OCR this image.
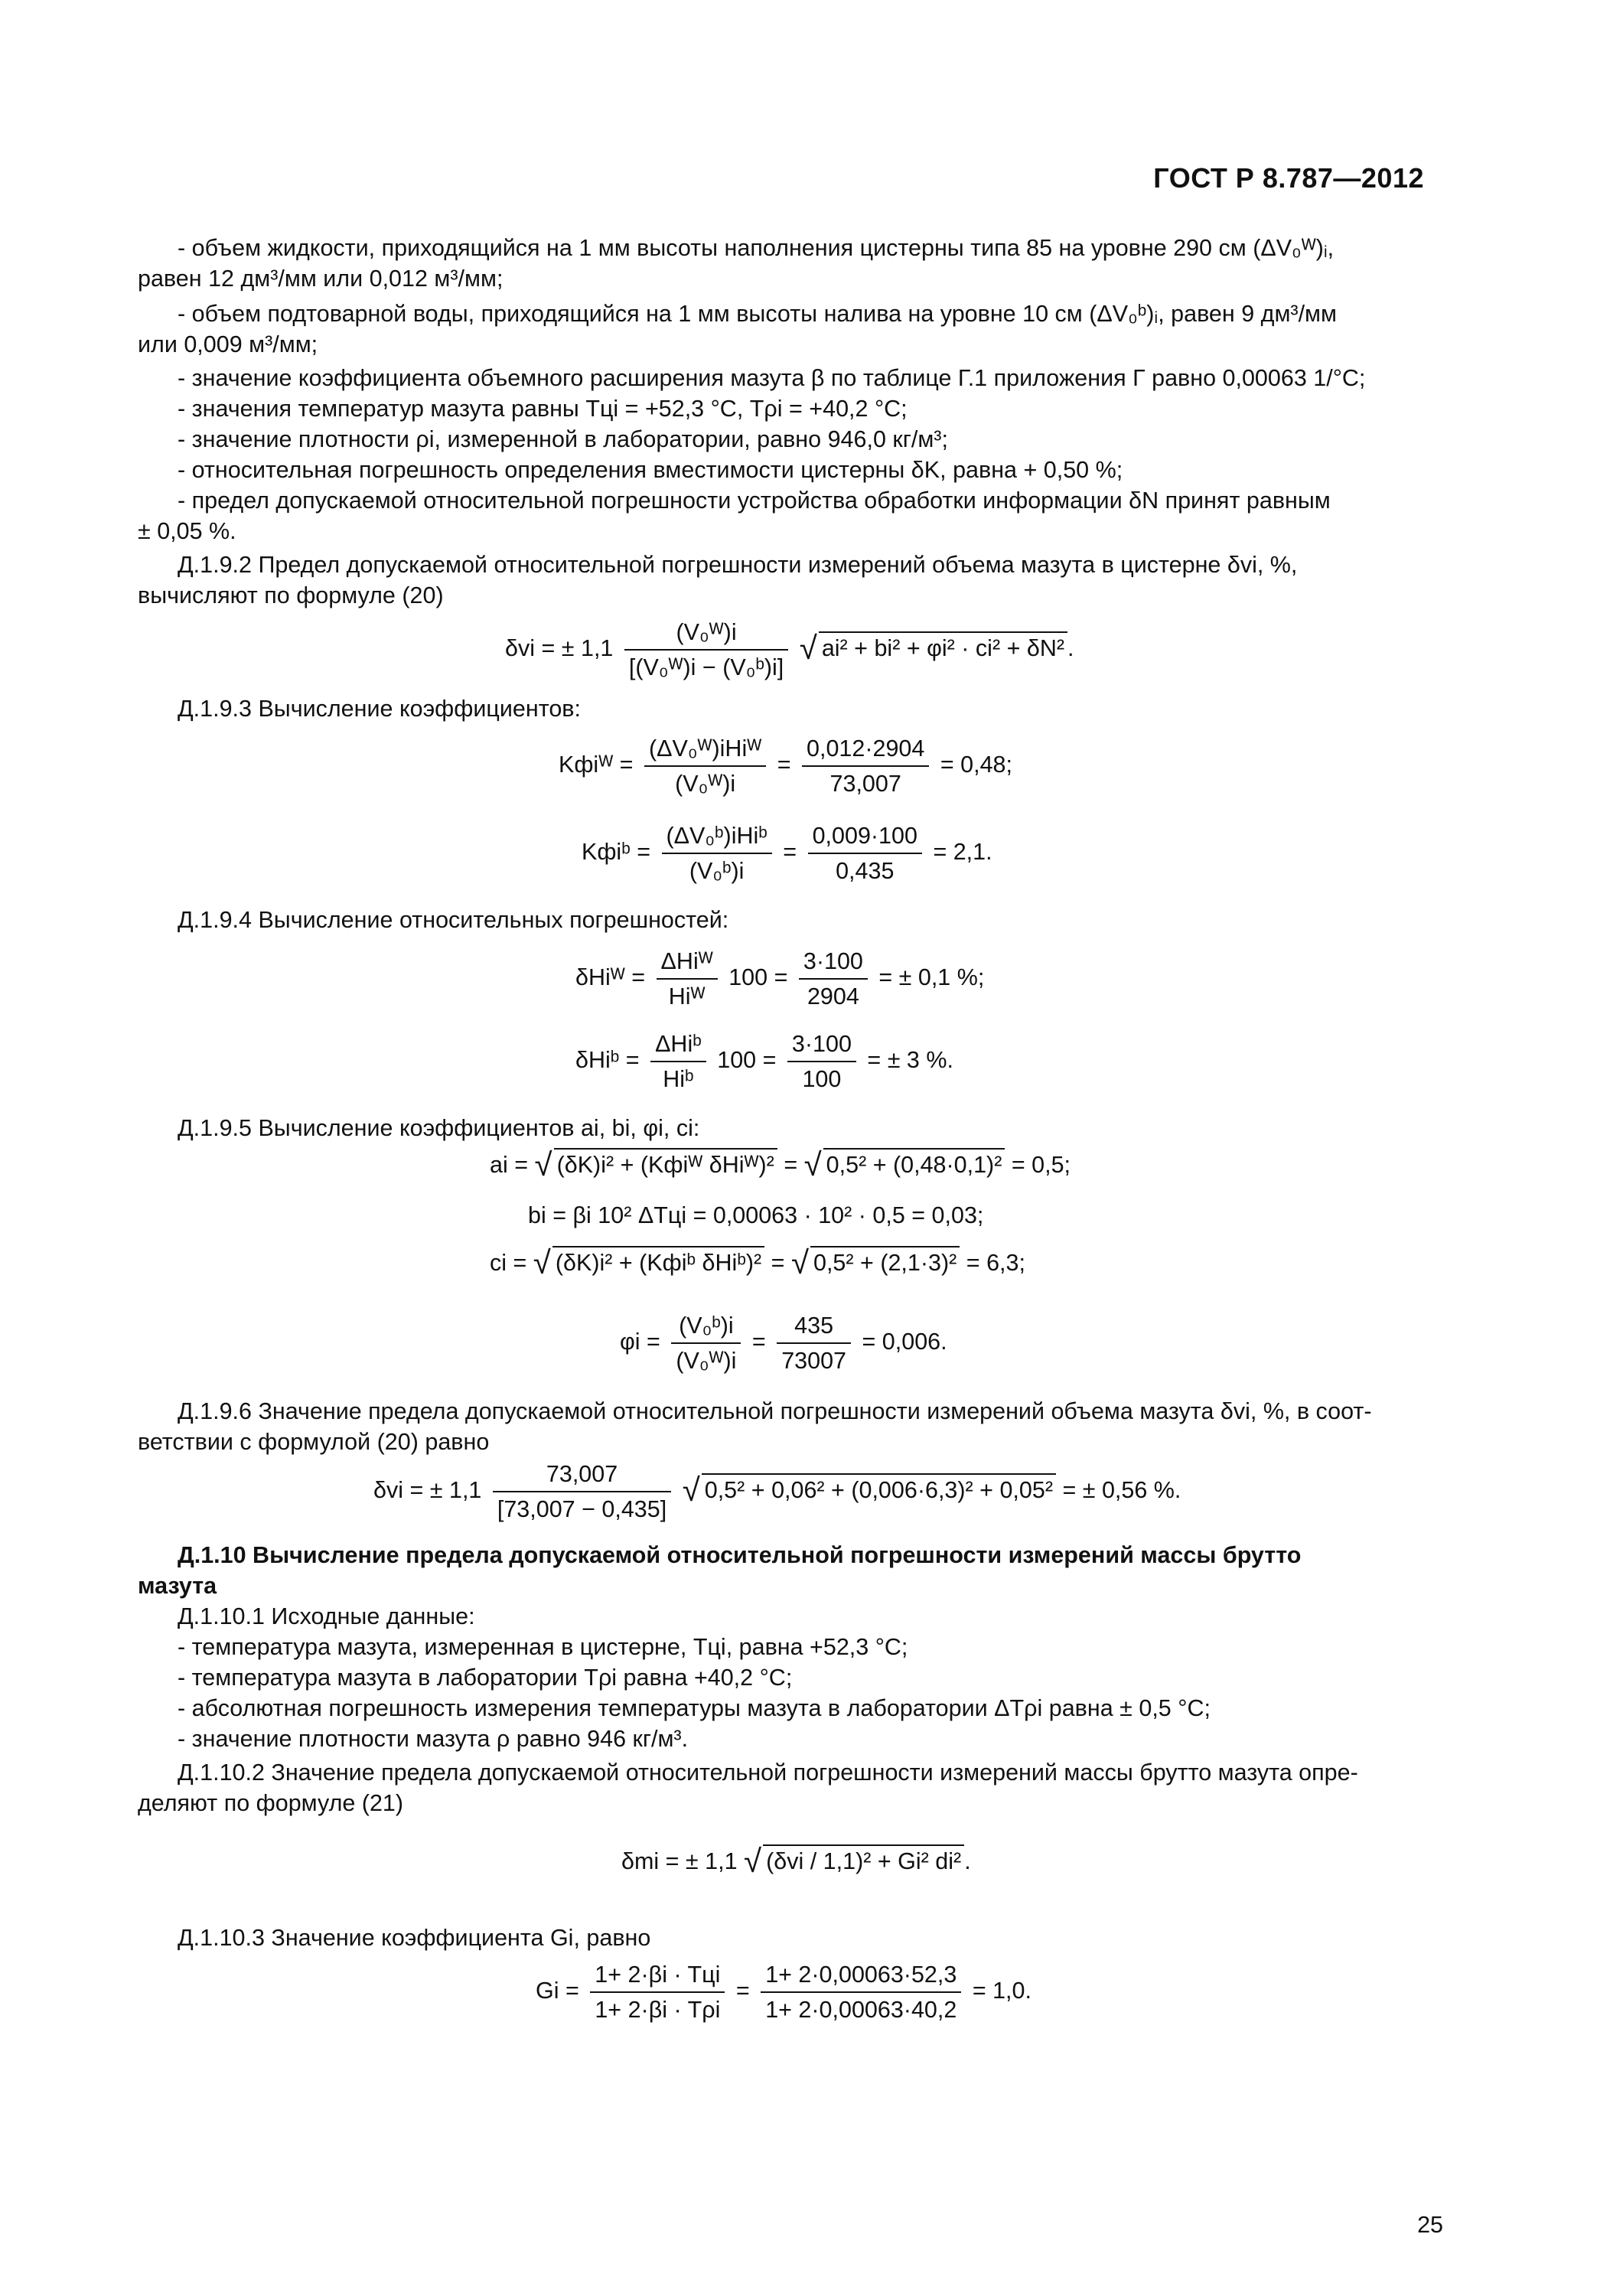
ГОСТ Р 8.787—2012
- объем жидкости, приходящийся на 1 мм высоты наполнения цистерны типа 85 на уровне 290 см (ΔV₀ᵂ)ᵢ,
равен 12 дм³/мм или 0,012 м³/мм;
- объем подтоварной воды, приходящийся на 1 мм высоты налива на уровне 10 см (ΔV₀ᵇ)ᵢ, равен 9 дм³/мм
или 0,009 м³/мм;
- значение коэффициента объемного расширения мазута β по таблице Г.1 приложения Г равно 0,00063 1/°С;
- значения температур мазута равны Tцi = +52,3 °С, Tρi = +40,2 °С;
- значение плотности ρi, измеренной в лаборатории, равно 946,0 кг/м³;
- относительная погрешность определения вместимости цистерны δK, равна + 0,50 %;
- предел допускаемой относительной погрешности устройства обработки информации δN принят равным
± 0,05 %.
Д.1.9.2 Предел допускаемой относительной погрешности измерений объема мазута в цистерне δvi, %,
вычисляют по формуле (20)
δvi = ± $1,1 \frac{\text{(V₀ᵂ)i}}{\text{[(V₀ᵂ)i − (V₀ᵇ)i]}}$ √ ai² + bi² + φi² · ci² + δN² .
Д.1.9.3 Вычисление коэффициентов:
Kфiᵂ = $\frac{\text{(ΔV₀ᵂ)iHiᵂ}}{\text{(V₀ᵂ)i}} = \frac{0,012\cdot 2904}{73,007} = 0,48$;
Kфiᵇ = $\frac{\text{(ΔV₀ᵇ)iHiᵇ}}{\text{(V₀ᵇ)i}} = \frac{0,009\cdot 100}{0,435} = 2,1$.
Д.1.9.4 Вычисление относительных погрешностей:
δHiᵂ = $\frac{\text{ΔHiᵂ}}{\text{Hiᵂ}} 100 = \frac{3\cdot 100}{2904}$ = ± 0,1 %;
δHiᵇ = $\frac{\text{ΔHiᵇ}}{\text{Hiᵇ}} 100 = \frac{3\cdot 100}{100}$ = ± 3 %.
Д.1.9.5 Вычисление коэффициентов ai, bi, φi, ci:
ai = √ (δK)i² + (Kфiᵂ δHiᵂ)² = √ 0,5² + (0,48·0,1)² = 0,5;
bi = βi 10² ΔTцi = 0,00063 · 10² · 0,5 = 0,03;
ci = √ (δK)i² + (Kфiᵇ δHiᵇ)² = √ 0,5² + (2,1·3)² = 6,3;
$\varphi i = \frac{\text{(V₀ᵇ)i}}{\text{(V₀ᵂ)i}} = \frac{435}{73007} = 0,006$.
Д.1.9.6 Значение предела допускаемой относительной погрешности измерений объема мазута δvi, %, в соот-
ветствии с формулой (20) равно
δvi = ± $1,1 \frac{73,007}{[73,007 - 0,435]}$ √ 0,5² + 0,06² + (0,006·6,3)² + 0,05² = ± 0,56 %.
Д.1.10 Вычисление предела допускаемой относительной погрешности измерений массы брутто
мазута
Д.1.10.1 Исходные данные:
- температура мазута, измеренная в цистерне, Tцi, равна +52,3 °С;
- температура мазута в лаборатории Tρi равна +40,2 °С;
- абсолютная погрешность измерения температуры мазута в лаборатории ΔTρi равна ± 0,5 °С;
- значение плотности мазута ρ равно 946 кг/м³.
Д.1.10.2 Значение предела допускаемой относительной погрешности измерений массы брутто мазута опре-
деляют по формуле (21)
δmi = ± 1,1 √ (δvi / 1,1)² + Gi² di² .
Д.1.10.3 Значение коэффициента Gi, равно
$Gi = \frac{\text{1+ 2·βi · Tцi}}{\text{1+ 2·βi · Tρi}} = \frac{1+ 2\cdot 0,00063\cdot 52,3}{1+ 2\cdot 0,00063\cdot 40,2} = 1,0$.
25
